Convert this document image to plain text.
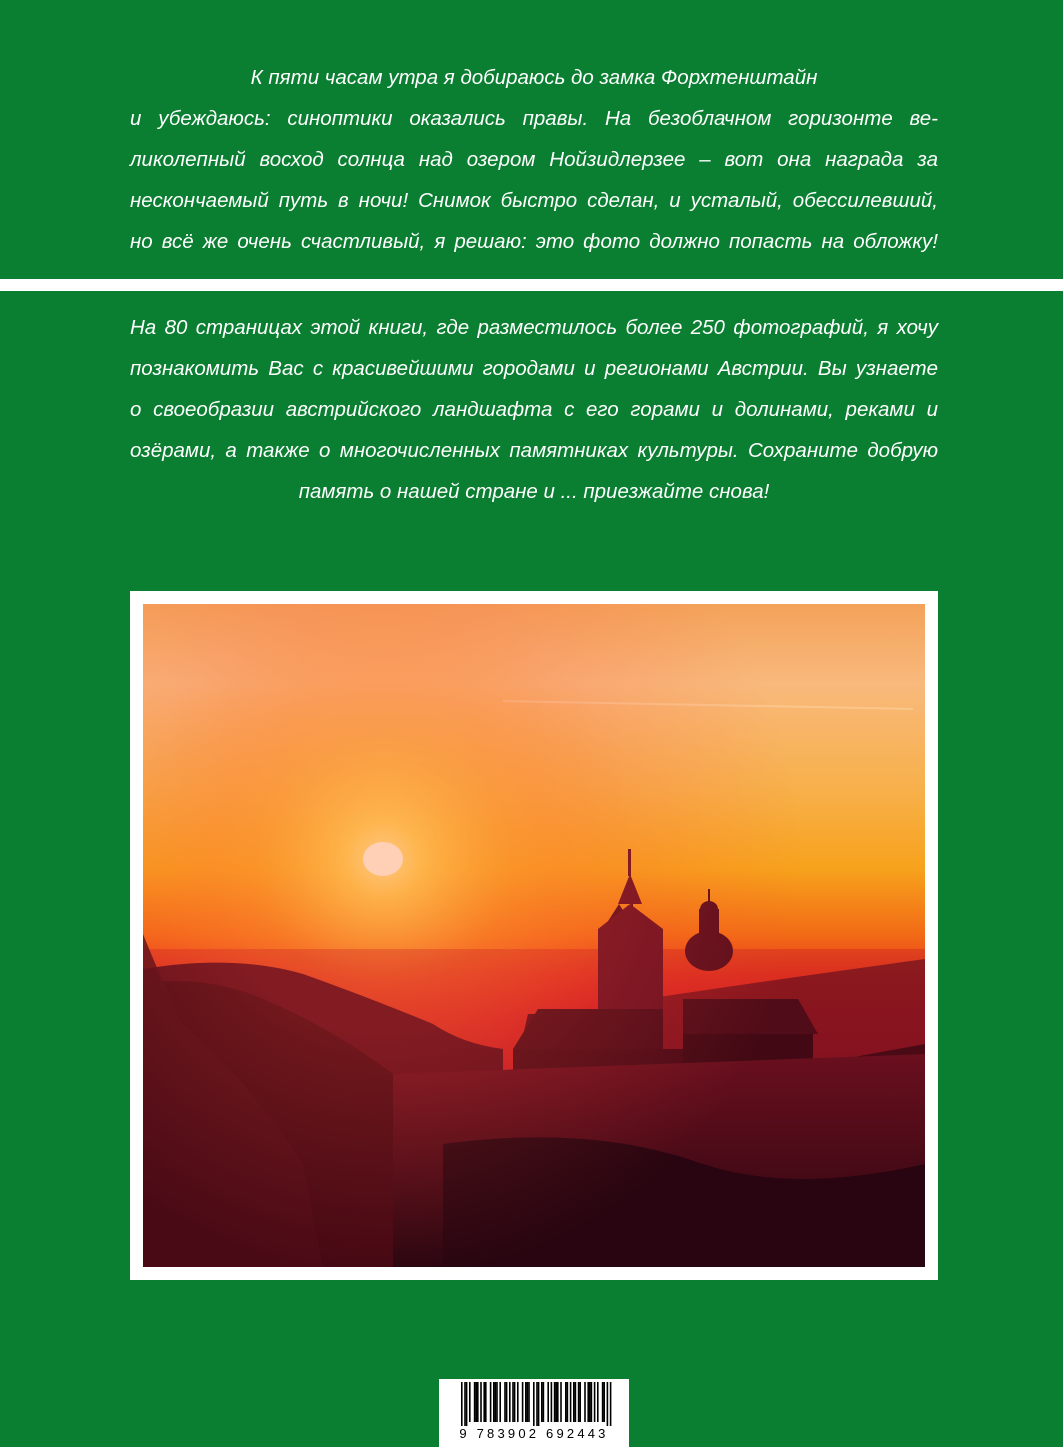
К пяти часам утра я добираюсь до замка Форхтенштайн
и убеждаюсь: синоптики оказались правы. На безоблачном горизонте ве-
ликолепный восход солнца над озером Нойзидлерзее – вот она награда за
нескончаемый путь в ночи! Снимок быстро сделан, и усталый, обессилевший,
но всё же очень счастливый, я решаю: это фото должно попасть на обложку!
На 80 страницах этой книги, где разместилось более 250 фотографий, я хочу
познакомить Вас с красивейшими городами и регионами Австрии. Вы узнаете
о своеобразии австрийского ландшафта с его горами и долинами, реками и
озёрами, а также о многочисленных памятниках культуры. Сохраните добрую
память о нашей стране и ... приезжайте снова!
9 783902 692443
